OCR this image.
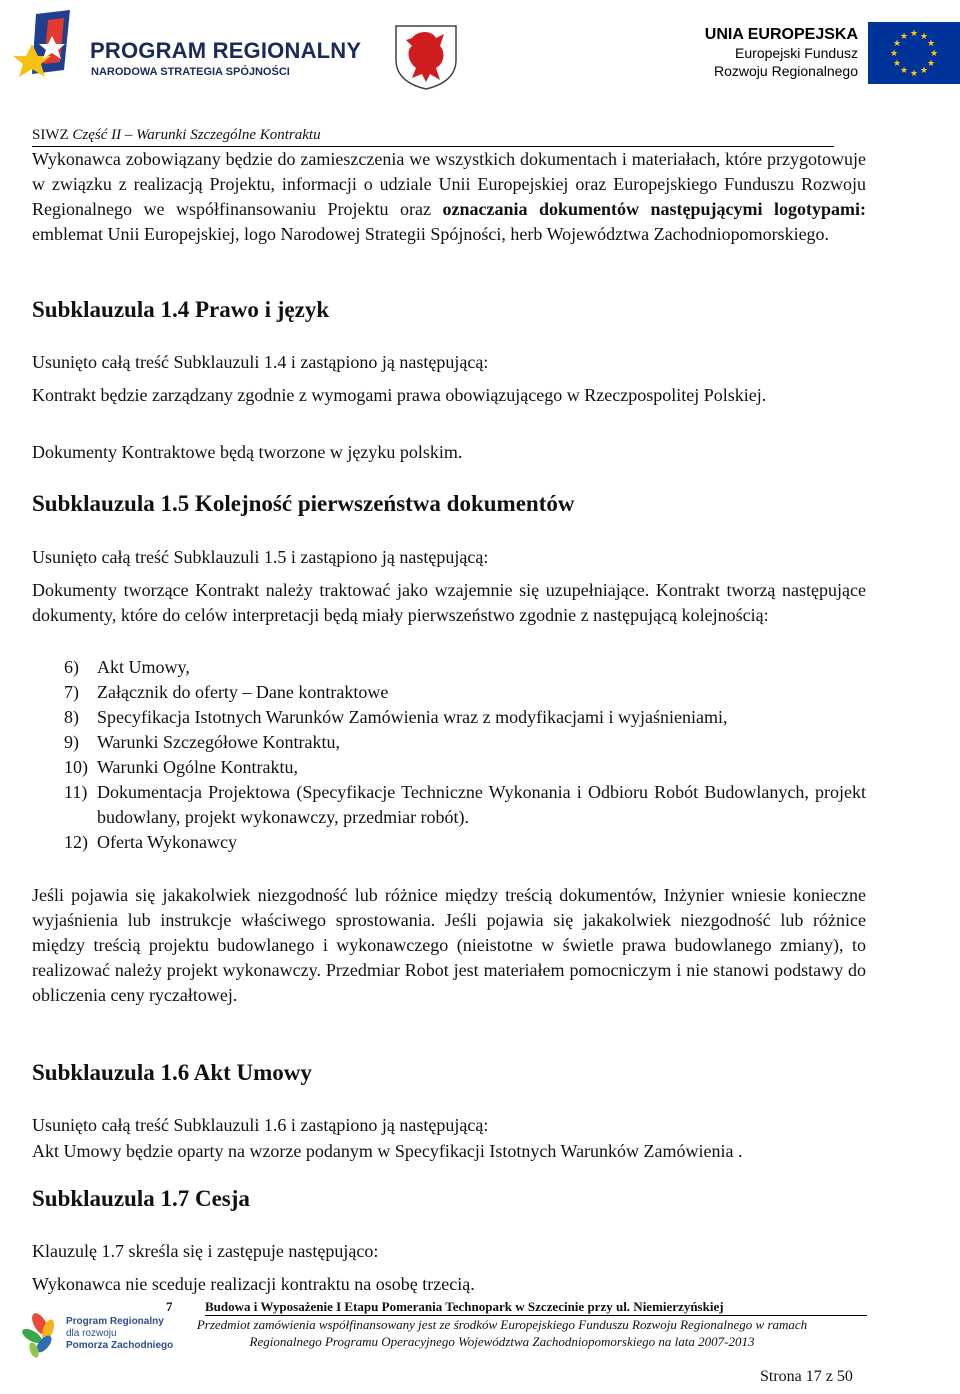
PROGRAM REGIONALNY
NARODOWA STRATEGIA SPÓJNOŚCI
UNIA EUROPEJSKA
Europejski Fundusz
Rozwoju Regionalnego
★ ★
★
★
★
★
★
★
★
★
★
★
SIWZ Część II – Warunki Szczególne Kontraktu
Wykonawca zobowiązany będzie do zamieszczenia we wszystkich dokumentach i materiałach, które przygotowuje w związku z realizacją Projektu, informacji o udziale Unii Europejskiej oraz Europejskiego Funduszu Rozwoju Regionalnego we współfinansowaniu Projektu oraz oznaczania dokumentów następującymi logotypami: emblemat Unii Europejskiej, logo Narodowej Strategii Spójności, herb Województwa Zachodniopomorskiego.
Subklauzula 1.4 Prawo i język
Usunięto całą treść Subklauzuli 1.4 i zastąpiono ją następującą:
Kontrakt będzie zarządzany zgodnie z wymogami prawa obowiązującego w Rzeczpospolitej Polskiej.
Dokumenty Kontraktowe będą tworzone w języku polskim.
Subklauzula 1.5 Kolejność pierwszeństwa dokumentów
Usunięto całą treść Subklauzuli 1.5 i zastąpiono ją następującą:
Dokumenty tworzące Kontrakt należy traktować jako wzajemnie się uzupełniające. Kontrakt tworzą następujące dokumenty, które do celów interpretacji będą miały pierwszeństwo zgodnie z następującą kolejnością:
6)	Akt Umowy,
7)	Załącznik do oferty – Dane kontraktowe
8)	Specyfikacja Istotnych Warunków Zamówienia wraz z modyfikacjami i wyjaśnieniami,
9)	Warunki Szczegółowe Kontraktu,
10) Warunki Ogólne Kontraktu,
11) Dokumentacja Projektowa (Specyfikacje Techniczne Wykonania i Odbioru Robót Budowlanych, projekt budowlany, projekt wykonawczy, przedmiar robót).
12) Oferta Wykonawcy
Jeśli pojawia się jakakolwiek niezgodność lub różnice między treścią dokumentów, Inżynier wniesie konieczne wyjaśnienia lub instrukcje właściwego sprostowania. Jeśli pojawia się jakakolwiek niezgodność lub różnice między treścią projektu budowlanego i wykonawczego (nieistotne w świetle prawa budowlanego zmiany), to realizować należy projekt wykonawczy. Przedmiar Robot jest materiałem pomocniczym i nie stanowi podstawy do obliczenia ceny ryczałtowej.
Subklauzula 1.6 Akt Umowy
Usunięto całą treść Subklauzuli 1.6 i zastąpiono ją następującą:
Akt Umowy będzie oparty na wzorze podanym w Specyfikacji Istotnych Warunków Zamówienia .
Subklauzula 1.7 Cesja
Klauzulę 1.7 skreśla się i zastępuje następująco:
Wykonawca nie sceduje realizacji kontraktu na osobę trzecią.
Program Regionalny
dla rozwoju
Pomorza Zachodniego
7	Budowa i Wyposażenie I Etapu Pomerania Technopark w Szczecinie przy ul. Niemierzyńskiej
Przedmiot zamówienia współfinansowany jest ze środków Europejskiego Funduszu Rozwoju Regionalnego w ramach Regionalnego Programu Operacyjnego Województwa Zachodniopomorskiego na lata 2007-2013
Strona 17 z 50
